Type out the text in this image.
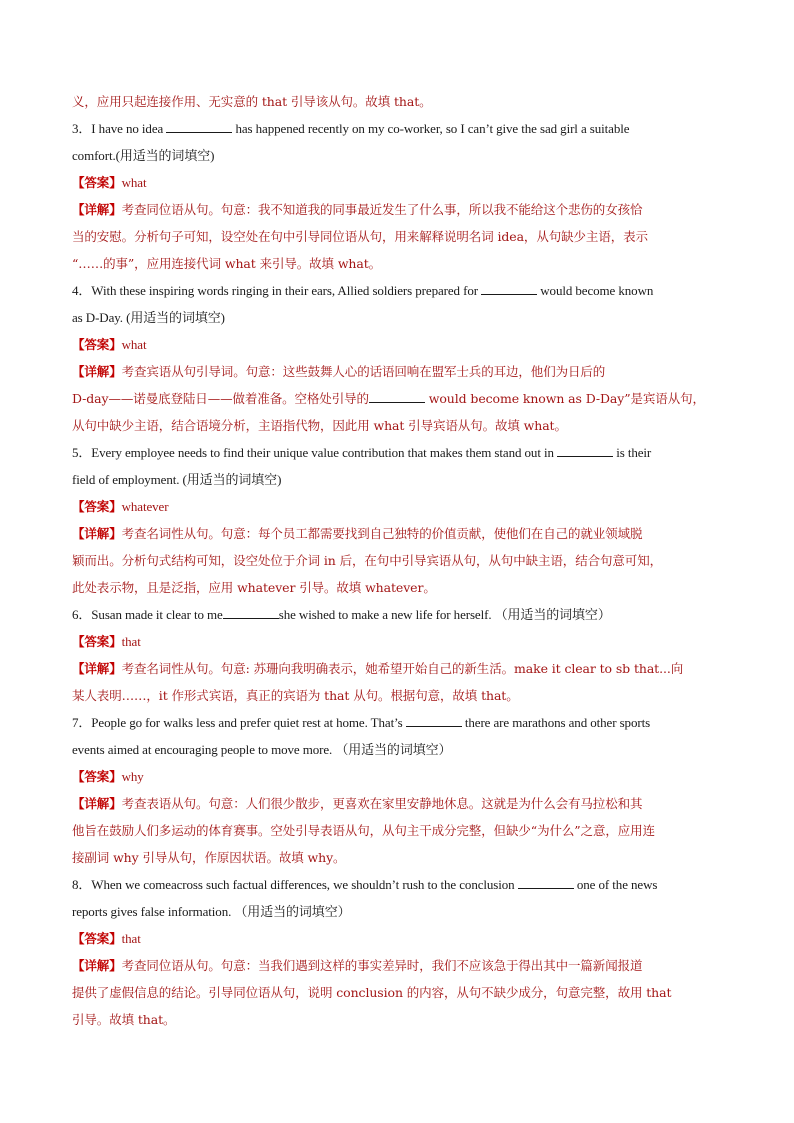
义，应用只起连接作用、无实意的 that 引导该从句。故填 that。
3．I have no idea	has happened recently on my co-worker, so I can’t give the sad girl a suitable
comfort.(用适当的词填空)
【答案】what
【详解】考查同位语从句。句意：我不知道我的同事最近发生了什么事，所以我不能给这个悲伤的女孩恰
当的安慰。分析句子可知，设空处在句中引导同位语从句，用来解释说明名词 idea，从句缺少主语，表示
“……的事”，应用连接代词 what 来引导。故填 what。
4．With these inspiring words ringing in their ears, Allied soldiers prepared for	would become known
as D-Day. (用适当的词填空)
【答案】what
【详解】考查宾语从句引导词。句意：这些鼓舞人心的话语回响在盟军士兵的耳边，他们为日后的
D-day——诺曼底登陆日——做着准备。空格处引导的	would become known as D-Day”是宾语从句，
从句中缺少主语，结合语境分析，主语指代物，因此用 what 引导宾语从句。故填 what。
5．Every employee needs to find their unique value contribution that makes them stand out in	is their
field of employment. (用适当的词填空)
【答案】whatever
【详解】考查名词性从句。句意：每个员工都需要找到自己独特的价值贡献，使他们在自己的就业领域脱
颖而出。分析句式结构可知，设空处位于介词 in 后，在句中引导宾语从句，从句中缺主语，结合句意可知，
此处表示物，且是泛指，应用 whatever 引导。故填 whatever。
6．Susan made it clear to me	she wished to make a new life for herself. （用适当的词填空）
【答案】that
【详解】考查名词性从句。句意: 苏珊向我明确表示，她希望开始自己的新生活。make it clear to sb that...向
某人表明……，it 作形式宾语，真正的宾语为 that 从句。根据句意，故填 that。
7．People go for walks less and prefer quiet rest at home. That’s	there are marathons and other sports
events aimed at encouraging people to move more. （用适当的词填空）
【答案】why
【详解】考查表语从句。句意：人们很少散步，更喜欢在家里安静地休息。这就是为什么会有马拉松和其
他旨在鼓励人们多运动的体育赛事。空处引导表语从句，从句主干成分完整，但缺少“为什么”之意，应用连
接副词 why 引导从句，作原因状语。故填 why。
8．When we comeacross such factual differences, we shouldn’t rush to the conclusion	one of the news
reports gives false information. （用适当的词填空）
【答案】that
【详解】考查同位语从句。句意：当我们遇到这样的事实差异时，我们不应该急于得出其中一篇新闻报道
提供了虚假信息的结论。引导同位语从句，说明 conclusion 的内容，从句不缺少成分，句意完整，故用 that
引导。故填 that。
